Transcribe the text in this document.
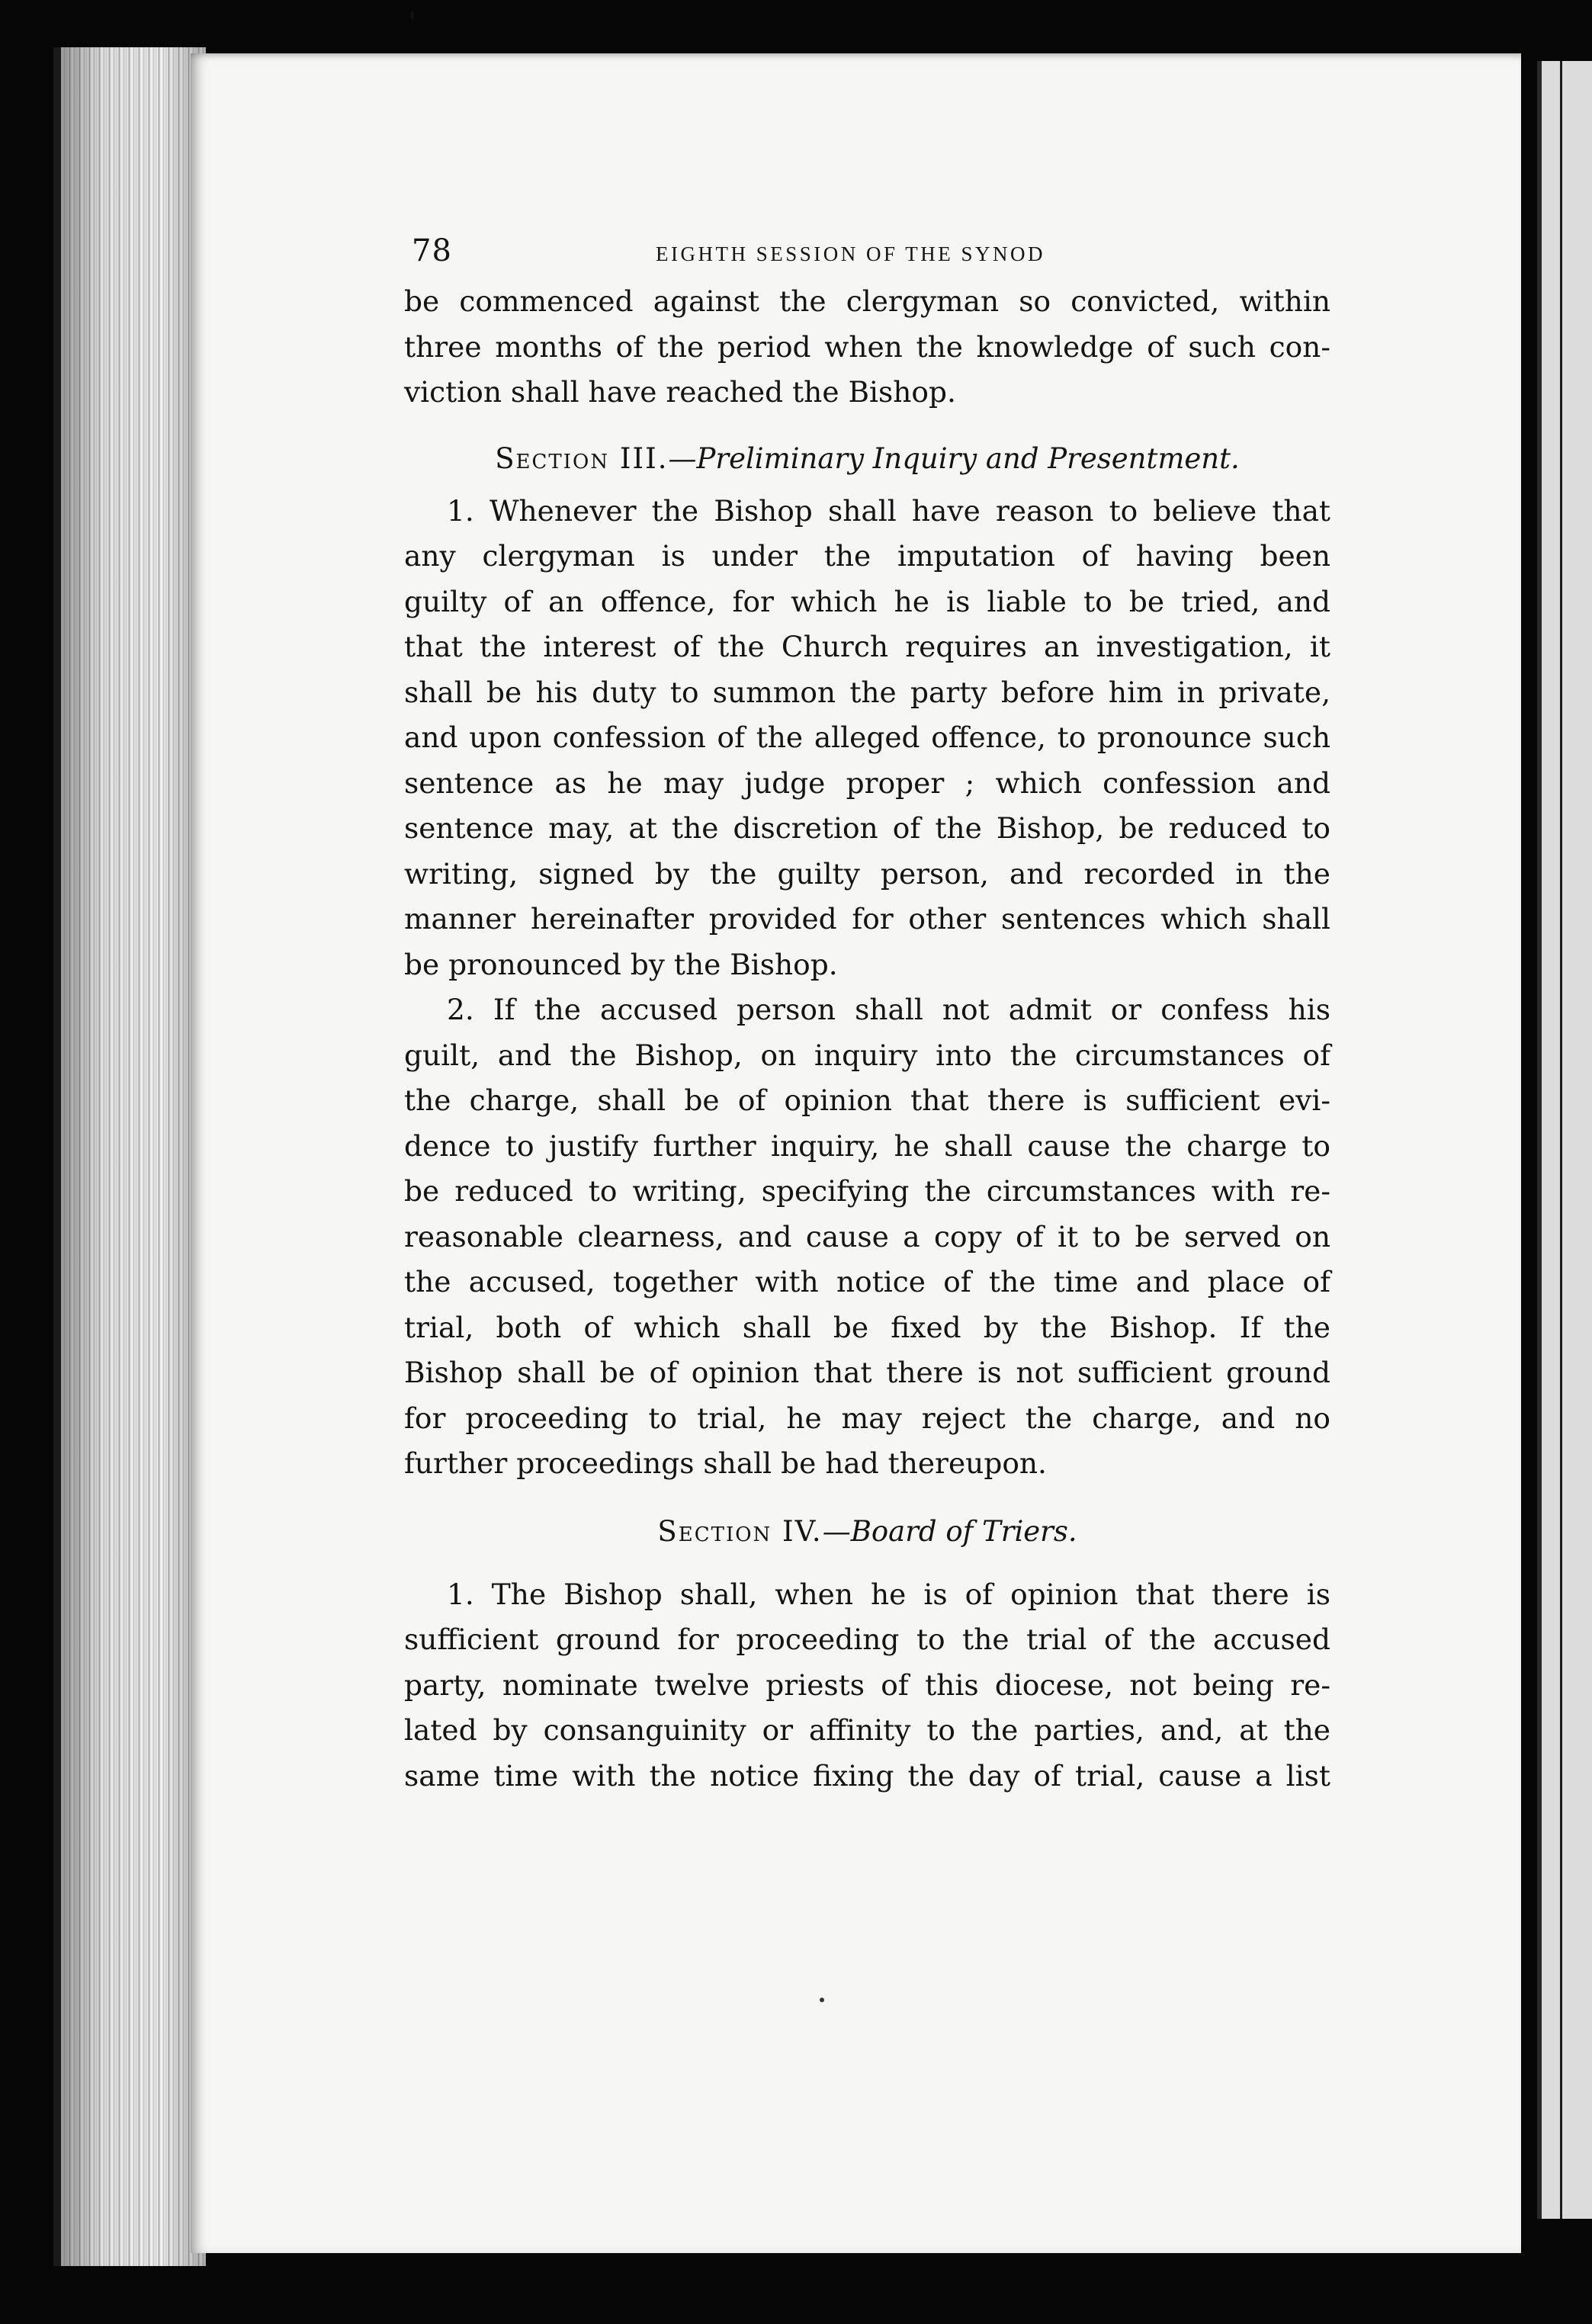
78	EIGHTH SESSION OF THE SYNOD
be commenced against the clergyman so convicted, within
three months of the period when the knowledge of such con-
viction shall have reached the Bishop.

Section III.—Preliminary Inquiry and Presentment.

1. Whenever the Bishop shall have reason to believe that
any clergyman is under the imputation of having been
guilty of an offence, for which he is liable to be tried, and
that the interest of the Church requires an investigation, it
shall be his duty to summon the party before him in private,
and upon confession of the alleged offence, to pronounce such
sentence as he may judge proper ; which confession and
sentence may, at the discretion of the Bishop, be reduced to
writing, signed by the guilty person, and recorded in the
manner hereinafter provided for other sentences which shall
be pronounced by the Bishop.
2. If the accused person shall not admit or confess his
guilt, and the Bishop, on inquiry into the circumstances of
the charge, shall be of opinion that there is sufficient evi-
dence to justify further inquiry, he shall cause the charge to
be reduced to writing, specifying the circumstances with re-
reasonable clearness, and cause a copy of it to be served on
the accused, together with notice of the time and place of
trial, both of which shall be fixed by the Bishop. If the
Bishop shall be of opinion that there is not sufficient ground
for proceeding to trial, he may reject the charge, and no
further proceedings shall be had thereupon.

Section IV.—Board of Triers.

1. The Bishop shall, when he is of opinion that there is
sufficient ground for proceeding to the trial of the accused
party, nominate twelve priests of this diocese, not being re-
lated by consanguinity or affinity to the parties, and, at the
same time with the notice fixing the day of trial, cause a list
